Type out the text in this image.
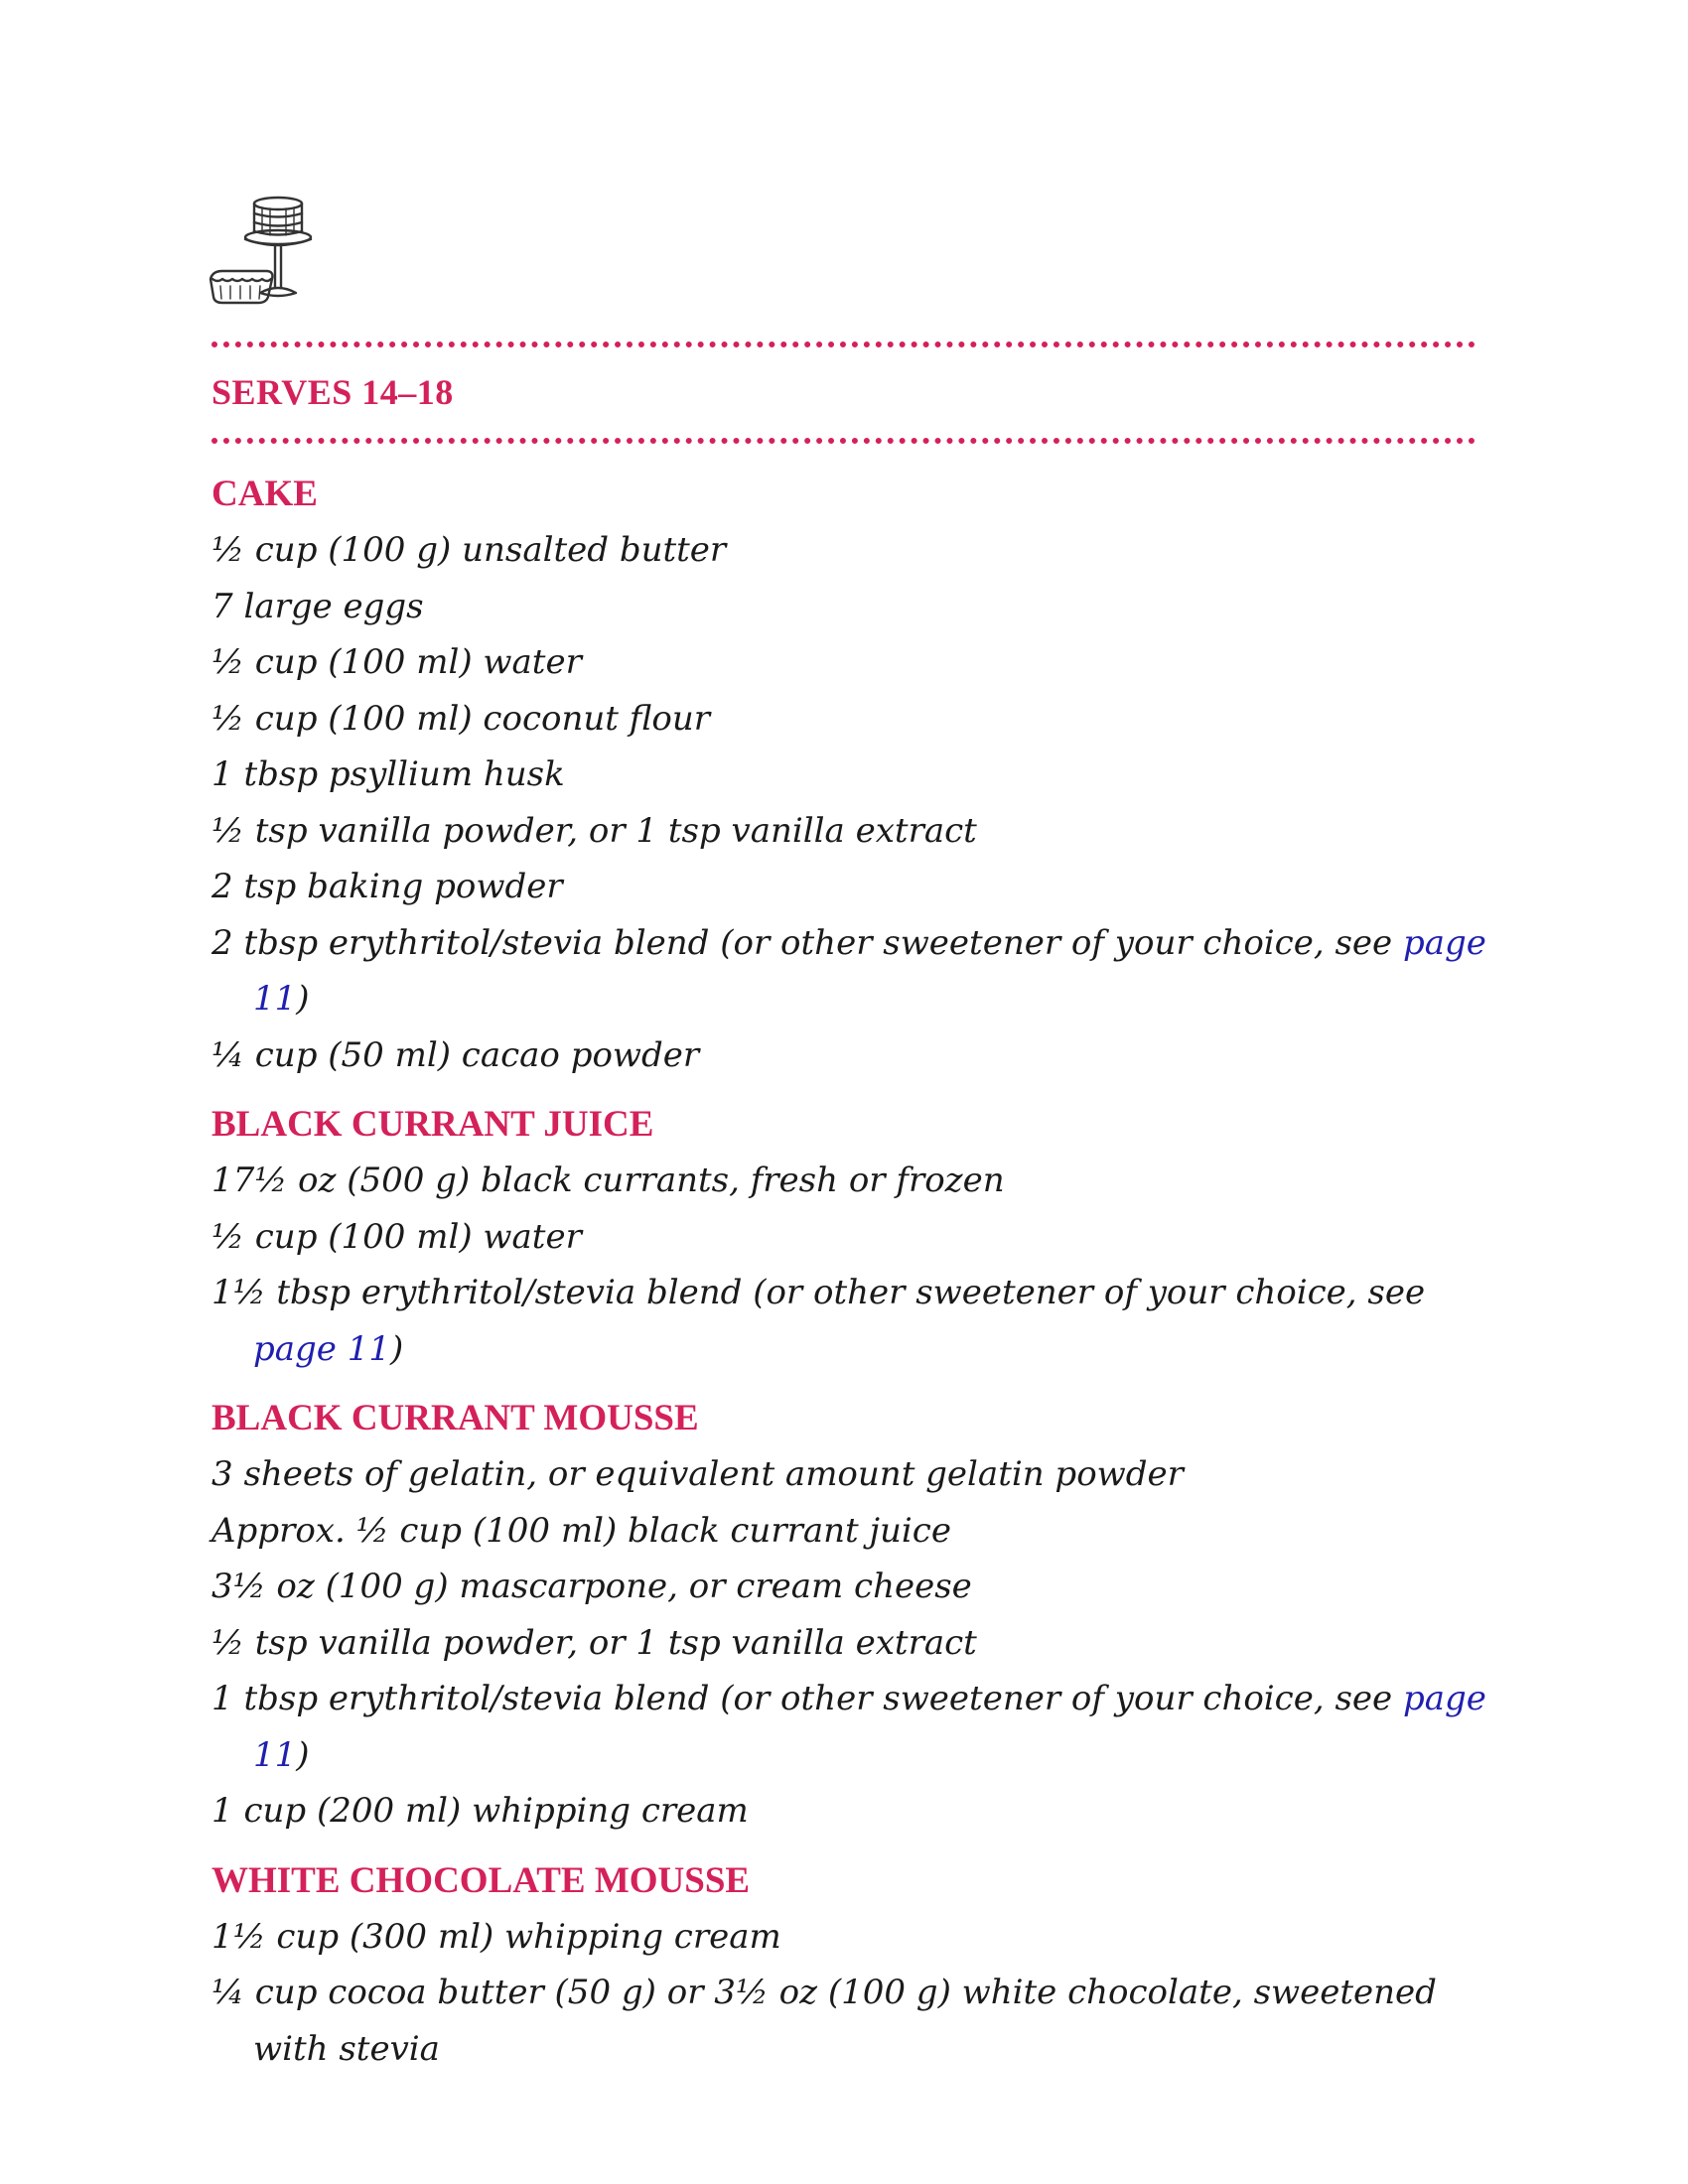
SERVES 14–18
CAKE
½ cup (100 g) unsalted butter
7 large eggs
½ cup (100 ml) water
½ cup (100 ml) coconut flour
1 tbsp psyllium husk
½ tsp vanilla powder, or 1 tsp vanilla extract
2 tsp baking powder
2 tbsp erythritol/stevia blend (or other sweetener of your choice, see page 11)
¼ cup (50 ml) cacao powder
BLACK CURRANT JUICE
17½ oz (500 g) black currants, fresh or frozen
½ cup (100 ml) water
1½ tbsp erythritol/stevia blend (or other sweetener of your choice, see page 11)
BLACK CURRANT MOUSSE
3 sheets of gelatin, or equivalent amount gelatin powder
Approx. ½ cup (100 ml) black currant juice
3½ oz (100 g) mascarpone, or cream cheese
½ tsp vanilla powder, or 1 tsp vanilla extract
1 tbsp erythritol/stevia blend (or other sweetener of your choice, see page 11)
1 cup (200 ml) whipping cream
WHITE CHOCOLATE MOUSSE
1½ cup (300 ml) whipping cream
¼ cup cocoa butter (50 g) or 3½ oz (100 g) white chocolate, sweetened with stevia
